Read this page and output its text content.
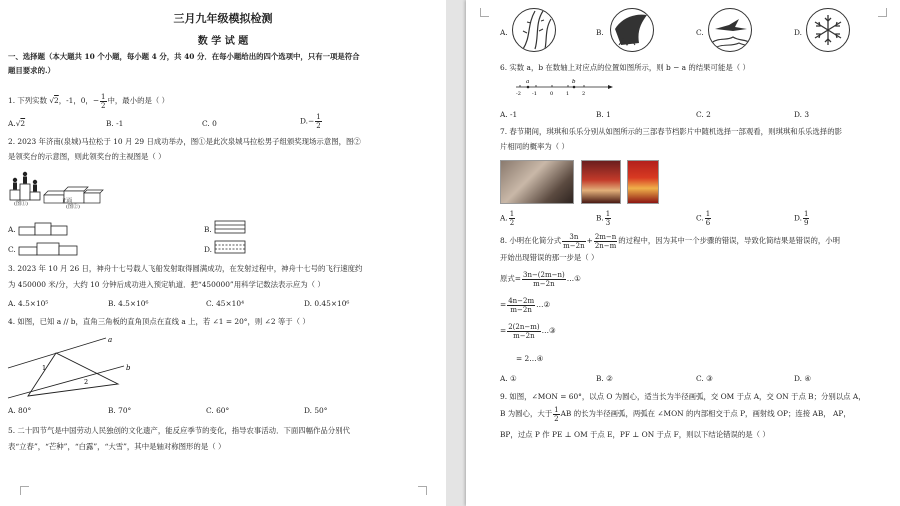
三月九年级模拟检测
数 学 试 题
一、选择题（本大题共 10 个小题，每小题 4 分，共 40 分．在每小题给出的四个选项中，只有一项是符合
题目要求的.）
1. 下列实数 √2，-1，0，− $\frac{1}{2}$ 中，最小的是（ ）
A.√2	B. -1	C. 0	$D.- \frac{1}{2}$
2. 2023 年济南(泉城)马拉松于 10 月 29 日成功举办，图①是此次泉城马拉松男子组颁奖现场示意图，图②
是领奖台的示意图，则此领奖台的主视图是（ ）
(图①)	正面
(图②)
A.	B.
C.	D.
3. 2023 年 10 月 26 日，神舟十七号载人飞船发射取得圆满成功，在发射过程中，神舟十七号的飞行速度约
为 450000 米/分，大约 10 分钟后成功进入预定轨道．把“450000”用科学记数法表示应为（ ）
A. 4.5×10⁵	B. 4.5×10⁶	C. 45×10⁴	D. 0.45×10⁶
4. 如图，已知 a // b，直角三角板的直角顶点在直线 a 上，若 ∠1 = 20°，则 ∠2 等于（ ）
a
b
1
2
A. 80°	B. 70°	C. 60°	D. 50°
5. 二十四节气是中国劳动人民独创的文化遗产，能反应季节的变化，指导农事活动．下面四幅作品分别代
表“立春”，“芒种”，“白露”，“大雪”，其中是轴对称图形的是（ ）
A.	B.	C.	D.
6. 实数 a，b 在数轴上对应点的位置如图所示，则 b − a 的结果可能是（ ）
a	b
-2 -1	0	1	2
A. -1	B. 1	C. 2	D. 3
7. 春节期间，琪琪和乐乐分别从如图所示的三部春节档影片中随机选择一部观看，则琪琪和乐乐选择的影
片相同的概率为（ ）
A. $\frac{1}{2}$	B. $\frac{1}{3}$	C. $\frac{1}{6}$	D. $\frac{1}{9}$
8. 小明在化简分式 $\frac{3n}{m-2n} + \frac{2m-n}{2n-m}$ 的过程中，因为其中一个步骤的错误，导致化简结果是错误的，小明
开始出现错误的那一步是（ ）
原式= $\frac{3n-(2m-n)}{m-2n}$ …①
= $\frac{4n-2m}{m-2n}$ …②
= $\frac{2(2n-m)}{m-2n}$ …③
= 2…④
A. ①	B. ②	C. ③	D. ④
9. 如图，∠MON = 60°，以点 O 为圆心，适当长为半径画弧，交 OM 于点 A，交 ON 于点 B；分别以点 A，
B 为圆心，大于 $\frac{1}{2}$ AB 的长为半径画弧，两弧在 ∠MON 的内部相交于点 P，画射线 OP；连接 AB， AP，
BP，过点 P 作 PE ⊥ OM 于点 E，PF ⊥ ON 于点 F，则以下结论错误的是（ ）
